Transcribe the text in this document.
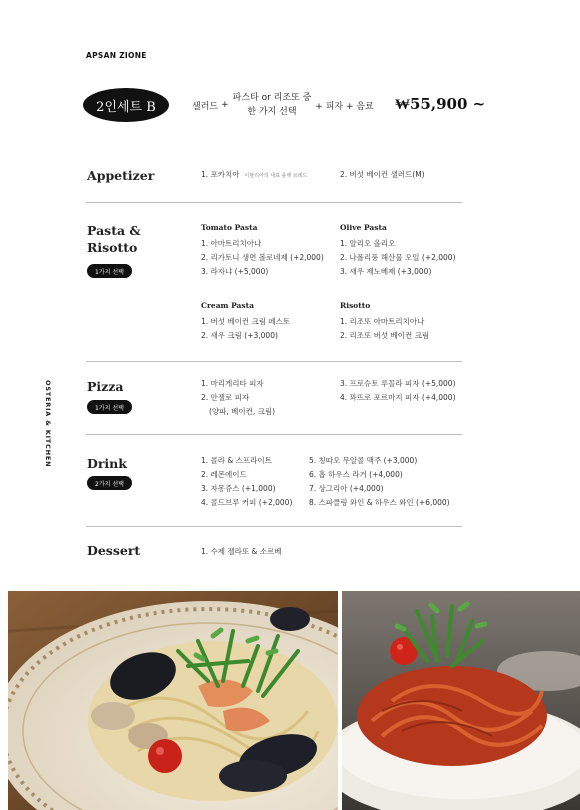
APSAN ZIONE
2인세트 B	샐러드 +
파스타 or 리조또 중
한 가지 선택
+ 피자 + 음료 ₩55,900 ~
OSTERIA & KITCHEN
Appetizer	1. 포카치아 이탈리아의 대표 플랫 브레드	2. 버섯 베이컨 샐러드(M)
Pasta &
Risotto
1가지 선택
Tomato Pasta
1. 아마트리치아나
2. 리가토니 생면 볼로네제 (+2,000)
3. 라자냐 (+5,000)
Olive Pasta
1. 알리오 올리오
2. 나폴리풍 해산물 오일 (+2,000)
3. 새우 제노베제 (+3,000)
Cream Pasta
1. 버섯 베이컨 크림 페스토
2. 새우 크림 (+3,000)
Risotto
1. 리조또 아마트리치아나
2. 리조또 버섯 베이컨 크림
Pizza
1가지 선택
1. 마리게리타 피자
2. 안젤로 피자
(양파, 베이컨, 크림)
3. 프로슈토 루꼴라 피자 (+5,000)
4. 꽈뜨로 포르마지 피자 (+4,000)
Drink
2가지 선택
1. 콜라 & 스프라이트
2. 레몬에이드
3. 자몽쥬스 (+1,000)
4. 콜드브루 커피 (+2,000)
5. 칭따오 무알콜 맥주 (+3,000)
6. 홉 하우스 라거 (+4,000)
7. 상그리아 (+4,000)
8. 스파클링 와인 & 하우스 와인 (+6,000)
Dessert	1. 수제 젤라또 & 소르베
